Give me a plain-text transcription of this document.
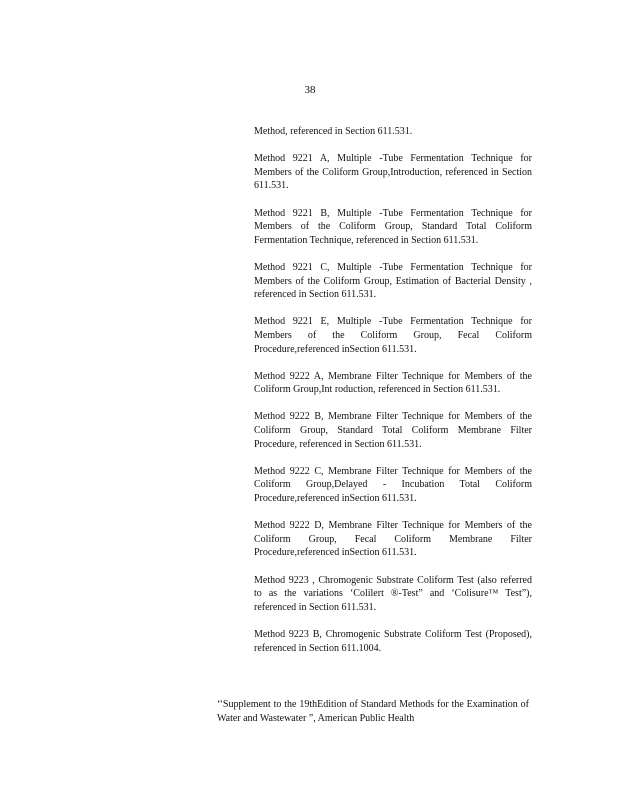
38

Method, referenced in Section 611.531.

Method 9221 A, Multiple -Tube Fermentation Technique for Members of the Coliform Group,Introduction, referenced in Section 611.531.

Method 9221 B, Multiple -Tube Fermentation Technique for Members of the Coliform Group, Standard Total Coliform Fermentation Technique, referenced in Section 611.531.

Method 9221 C, Multiple -Tube Fermentation Technique for Members of the Coliform Group, Estimation of Bacterial Density , referenced in Section 611.531.

Method 9221 E, Multiple -Tube Fermentation Technique for Members of the Coliform Group, Fecal Coliform Procedure,referenced inSection 611.531.

Method 9222 A, Membrane Filter Technique for Members of the Coliform Group,Int roduction, referenced in Section 611.531.

Method 9222 B, Membrane Filter Technique for Members of the Coliform Group, Standard Total Coliform Membrane Filter Procedure, referenced in Section 611.531.

Method 9222 C, Membrane Filter Technique for Members of the Coliform Group,Delayed - Incubation Total Coliform Procedure,referenced inSection 611.531.

Method 9222 D, Membrane Filter Technique for Members of the Coliform Group, Fecal Coliform Membrane Filter Procedure,referenced inSection 611.531.

Method 9223 , Chromogenic Substrate Coliform Test (also referred to as the variations ‘Colilert ®-Test” and ‘Colisure™ Test”), referenced in Section 611.531.

Method 9223 B, Chromogenic Substrate Coliform Test (Proposed), referenced in Section 611.1004.

‘‘Supplement to the 19thEdition of Standard Methods for the Examination of Water and Wastewater ”, American Public Health
